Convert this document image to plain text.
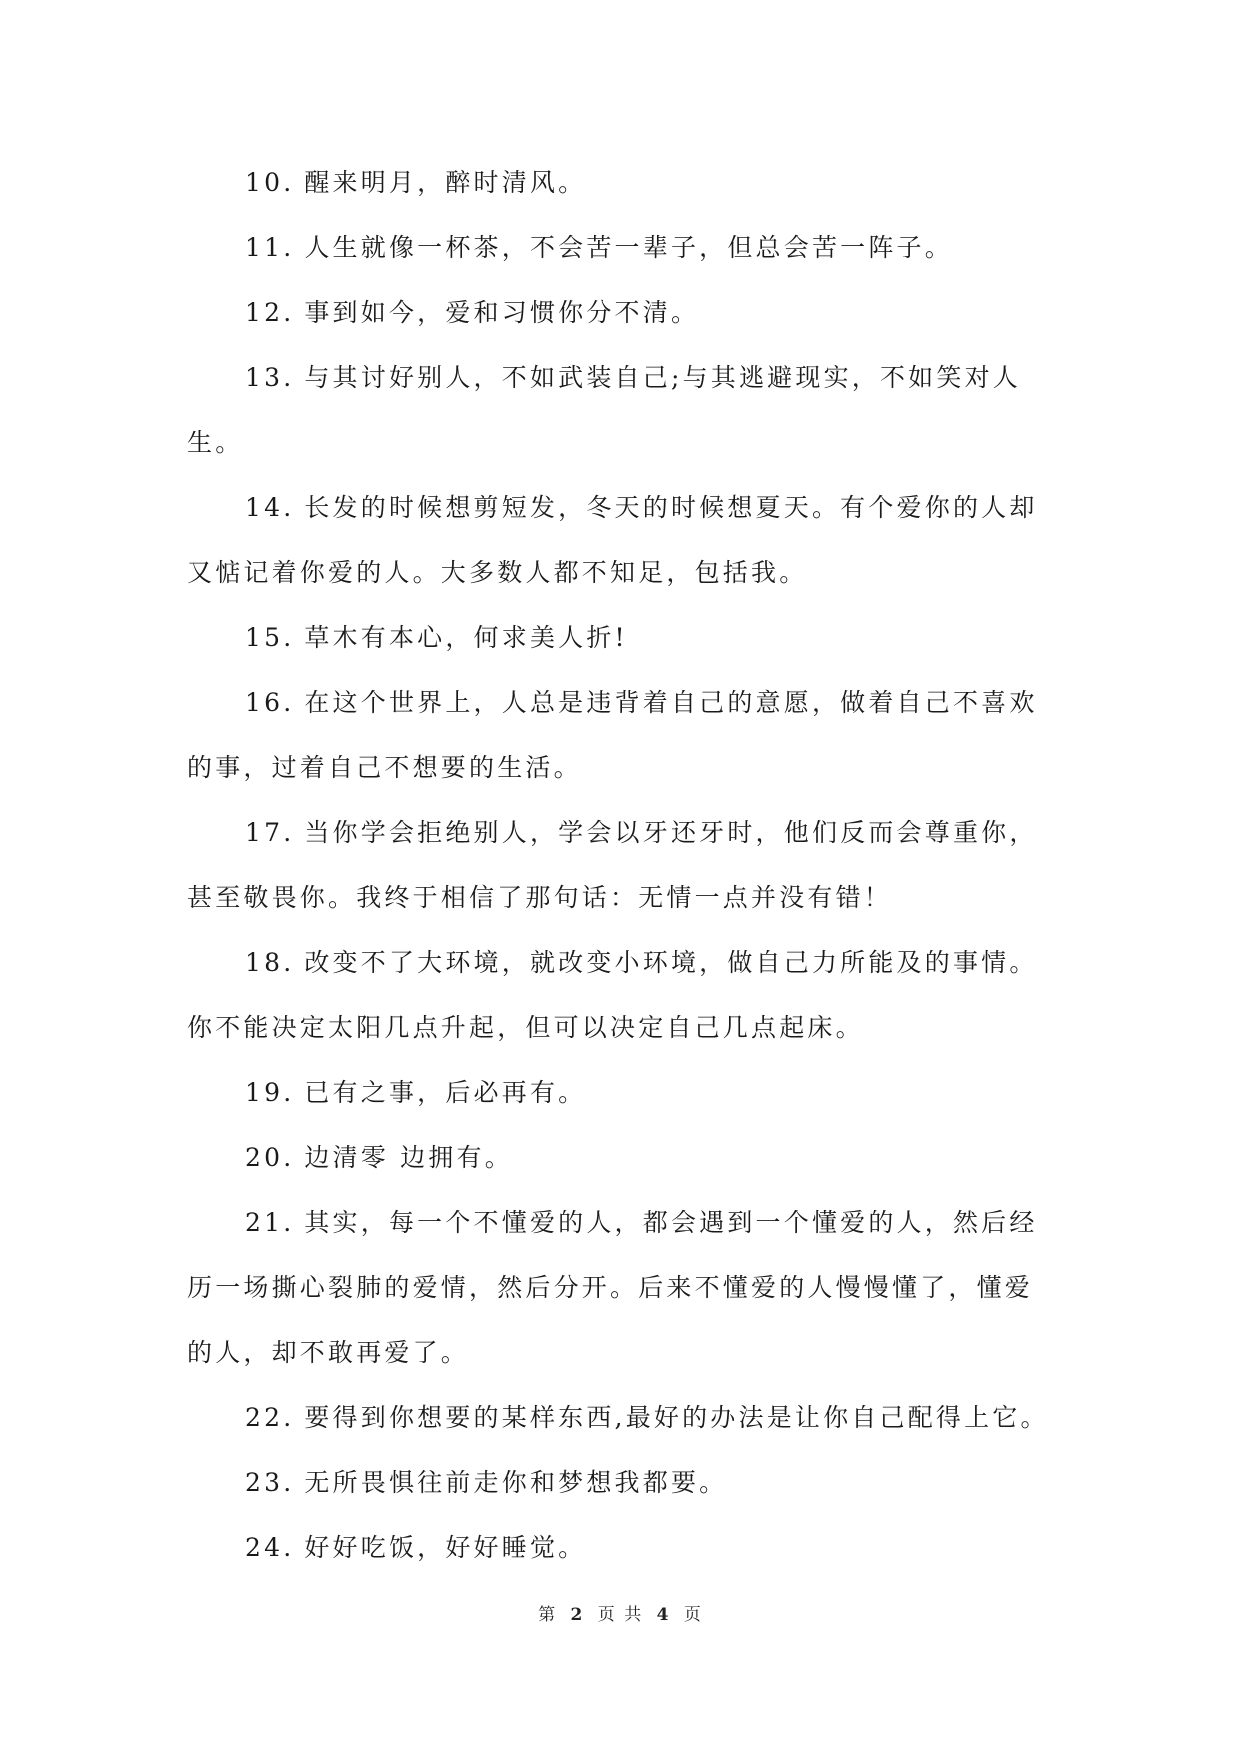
10. 醒来明月，醉时清风。

11. 人生就像一杯茶，不会苦一辈子，但总会苦一阵子。

12. 事到如今，爱和习惯你分不清。

13. 与其讨好别人，不如武装自己;与其逃避现实，不如笑对人生。

14. 长发的时候想剪短发，冬天的时候想夏天。有个爱你的人却又惦记着你爱的人。大多数人都不知足，包括我。

15. 草木有本心，何求美人折!

16. 在这个世界上，人总是违背着自己的意愿，做着自己不喜欢的事，过着自己不想要的生活。

17. 当你学会拒绝别人，学会以牙还牙时，他们反而会尊重你，甚至敬畏你。我终于相信了那句话：无情一点并没有错！

18. 改变不了大环境，就改变小环境，做自己力所能及的事情。你不能决定太阳几点升起，但可以决定自己几点起床。

19. 已有之事，后必再有。

20. 边清零 边拥有。

21. 其实，每一个不懂爱的人，都会遇到一个懂爱的人，然后经历一场撕心裂肺的爱情，然后分开。后来不懂爱的人慢慢懂了，懂爱的人，却不敢再爱了。

22. 要得到你想要的某样东西,最好的办法是让你自己配得上它。

23. 无所畏惧往前走你和梦想我都要。

24. 好好吃饭，好好睡觉。

第 2 页 共 4 页
